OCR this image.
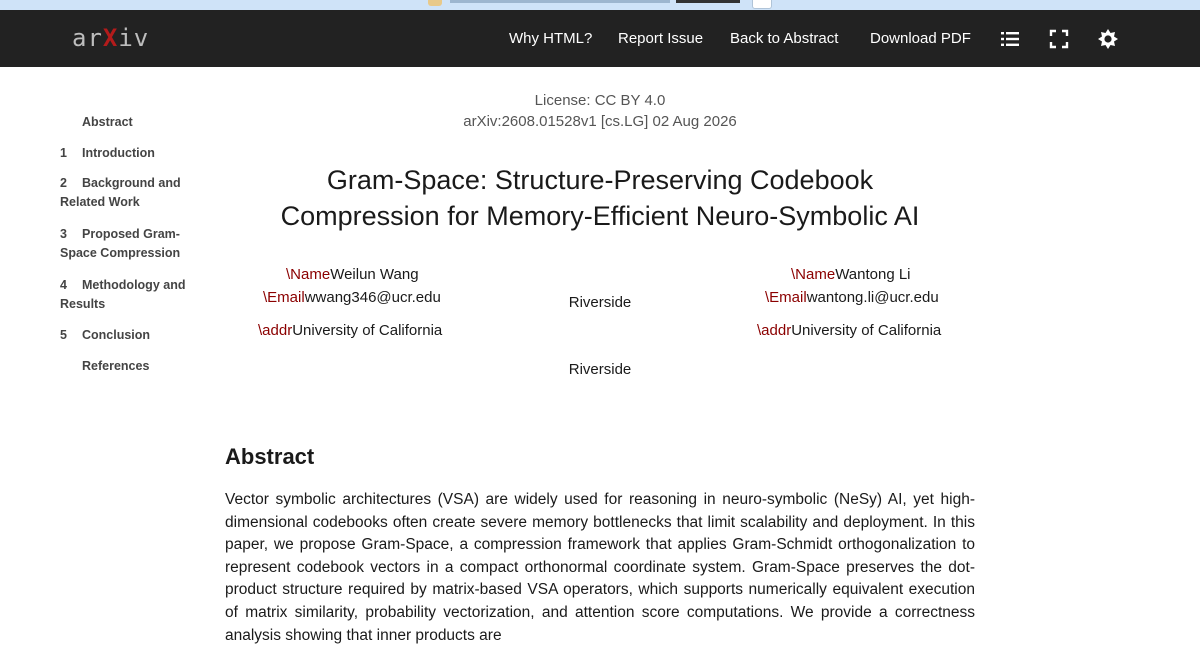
arXiv	Why HTML? Report Issue Back to Abstract Download PDF
Abstract
1 Introduction
2 Background and Related Work
3 Proposed Gram-Space Compression
4 Methodology and Results
5 Conclusion
References
License: CC BY 4.0
arXiv:2608.01528v1 [cs.LG] 02 Aug 2026
Gram-Space: Structure-Preserving Codebook Compression for Memory-Efficient Neuro-Symbolic AI
\NameWeilun Wang
\Emailwwang346@ucr.edu
\addrUniversity of California
Riverside
\NameWantong Li
\Emailwantong.li@ucr.edu
\addrUniversity of California
Riverside
Abstract
Vector symbolic architectures (VSA) are widely used for reasoning in neuro-symbolic (NeSy) AI, yet high-dimensional codebooks often create severe memory bottlenecks that limit scalability and deployment. In this paper, we propose Gram-Space, a compression framework that applies Gram-Schmidt orthogonalization to represent codebook vectors in a compact orthonormal coordinate system. Gram-Space preserves the dot-product structure required by matrix-based VSA operators, which supports numerically equivalent execution of matrix similarity, probability vectorization, and attention score computations. We provide a correctness analysis showing that inner products are
